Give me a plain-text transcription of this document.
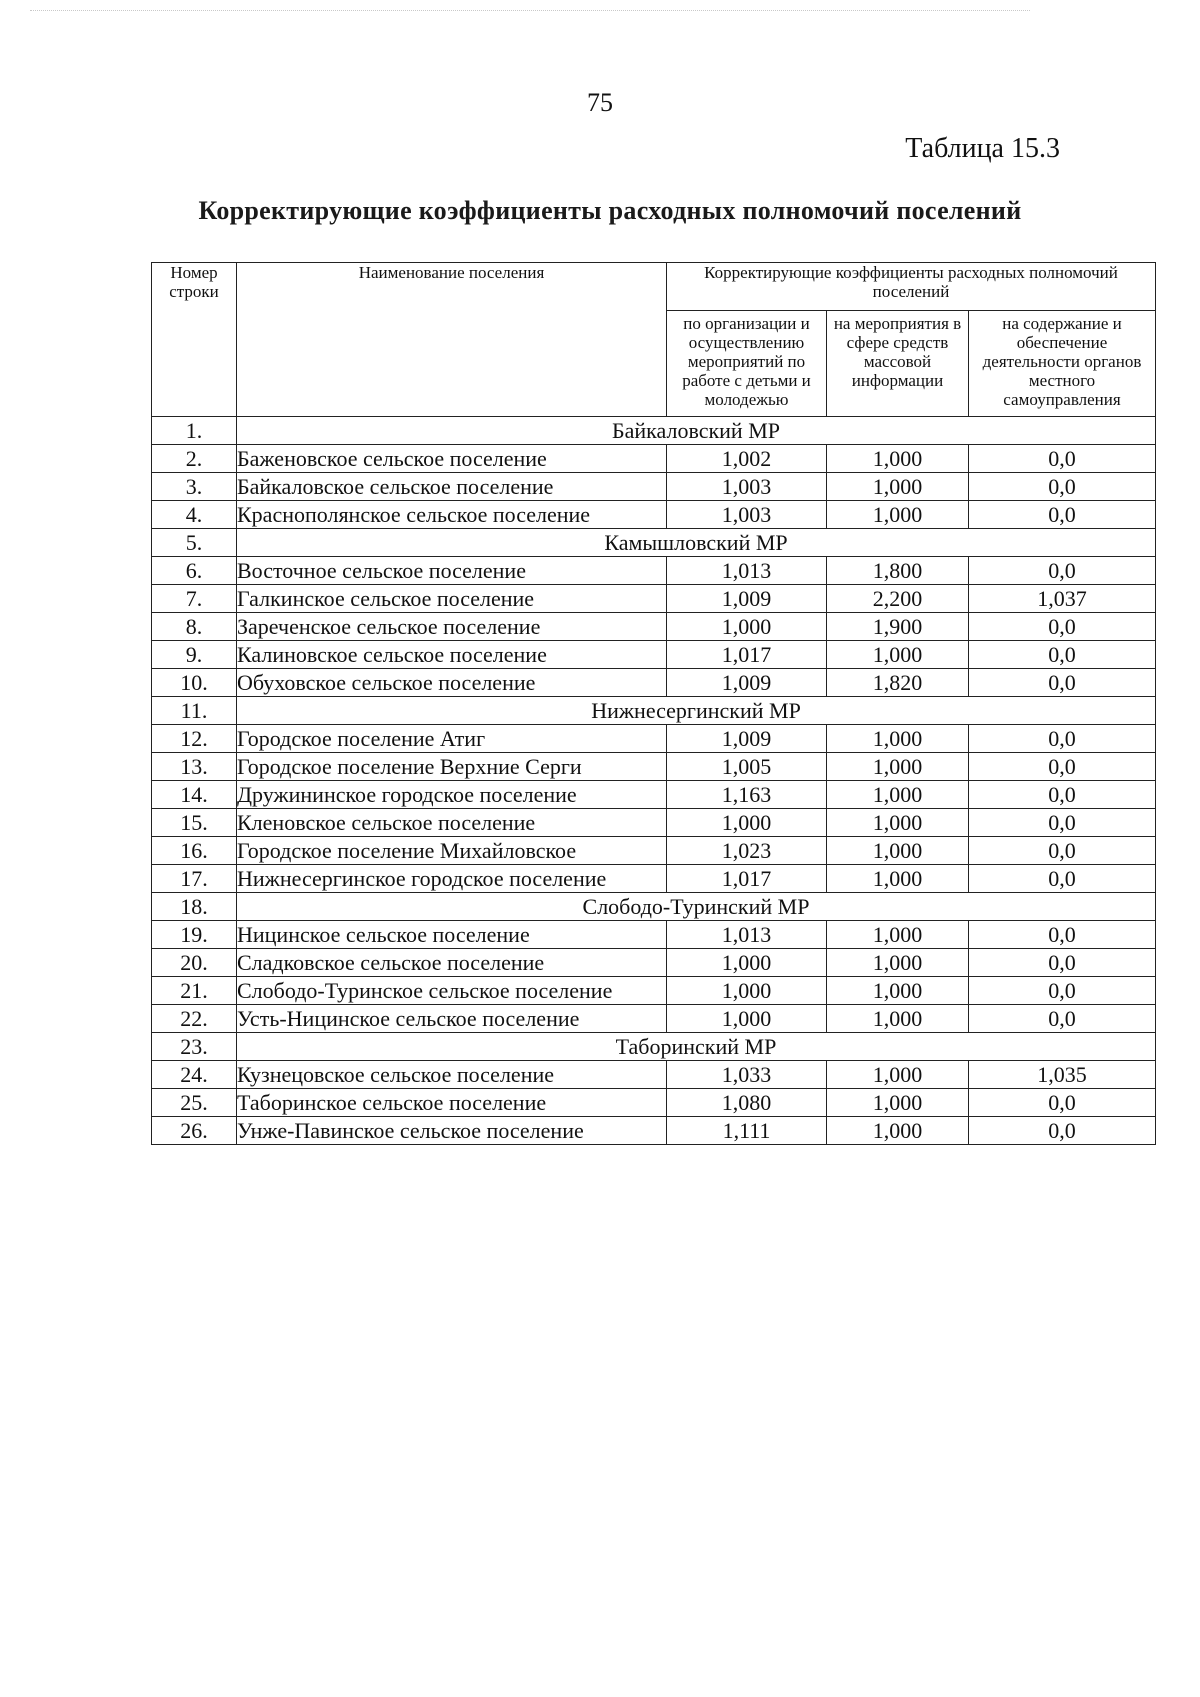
75
Таблица 15.3
Корректирующие коэффициенты расходных полномочий поселений
Номер строки	Наименование поселения	Корректирующие коэффициенты расходных полномочий поселений		
		по организации и осуществлению мероприятий по работе с детьми и молодежью	на мероприятия в сфере средств массовой информации	на содержание и обеспечение деятельности органов местного самоуправления
1.	Байкаловский МР			
2.	Баженовское сельское поселение	1,002	1,000	0,0
3.	Байкаловское сельское поселение	1,003	1,000	0,0
4.	Краснополянское сельское поселение	1,003	1,000	0,0
5.	Камышловский МР			
6.	Восточное сельское поселение	1,013	1,800	0,0
7.	Галкинское сельское поселение	1,009	2,200	1,037
8.	Зареченское сельское поселение	1,000	1,900	0,0
9.	Калиновское сельское поселение	1,017	1,000	0,0
10.	Обуховское сельское поселение	1,009	1,820	0,0
11.	Нижнесергинский МР			
12.	Городское поселение Атиг	1,009	1,000	0,0
13.	Городское поселение Верхние Серги	1,005	1,000	0,0
14.	Дружининское городское поселение	1,163	1,000	0,0
15.	Кленовское сельское поселение	1,000	1,000	0,0
16.	Городское поселение Михайловское	1,023	1,000	0,0
17.	Нижнесергинское городское поселение	1,017	1,000	0,0
18.	Слободо-Туринский МР			
19.	Ницинское сельское поселение	1,013	1,000	0,0
20.	Сладковское сельское поселение	1,000	1,000	0,0
21.	Слободо-Туринское сельское поселение	1,000	1,000	0,0
22.	Усть-Ницинское сельское поселение	1,000	1,000	0,0
23.	Таборинский МР			
24.	Кузнецовское сельское поселение	1,033	1,000	1,035
25.	Таборинское сельское поселение	1,080	1,000	0,0
26.	Унже-Павинское сельское поселение	1,111	1,000	0,0
